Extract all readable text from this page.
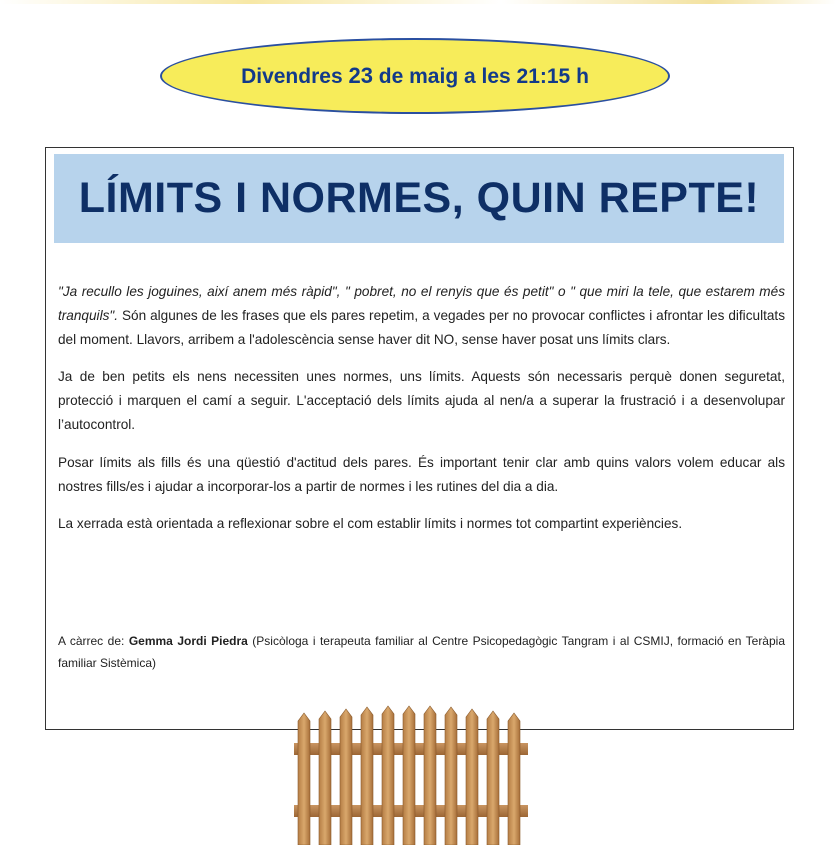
Divendres 23 de maig a les 21:15 h
LÍMITS I NORMES, QUIN REPTE!

"Ja recullo les joguines, així anem més ràpid", " pobret, no el renyis que és petit" o " que miri la tele, que estarem més tranquils". Són algunes de les frases que els pares repetim, a vegades per no provocar conflictes i afrontar les dificultats del moment. Llavors, arribem a l'adolescència sense haver dit NO, sense haver posat uns límits clars.

Ja de ben petits els nens necessiten unes normes, uns límits. Aquests són necessaris perquè donen seguretat, protecció i marquen el camí a seguir. L'acceptació dels límits ajuda al nen/a a superar la frustració i a desenvolupar l’autocontrol.

Posar límits als fills és una qüestió d'actitud dels pares. És important tenir clar amb quins valors volem educar als nostres fills/es i ajudar a incorporar-los a partir de normes i les rutines del dia a dia.

La xerrada està orientada a reflexionar sobre el com establir límits i normes tot compartint experiències.

A càrrec de: Gemma Jordi Piedra (Psicòloga i terapeuta familiar al Centre Psicopedagògic Tangram i al CSMIJ, formació en Teràpia familiar Sistèmica)
